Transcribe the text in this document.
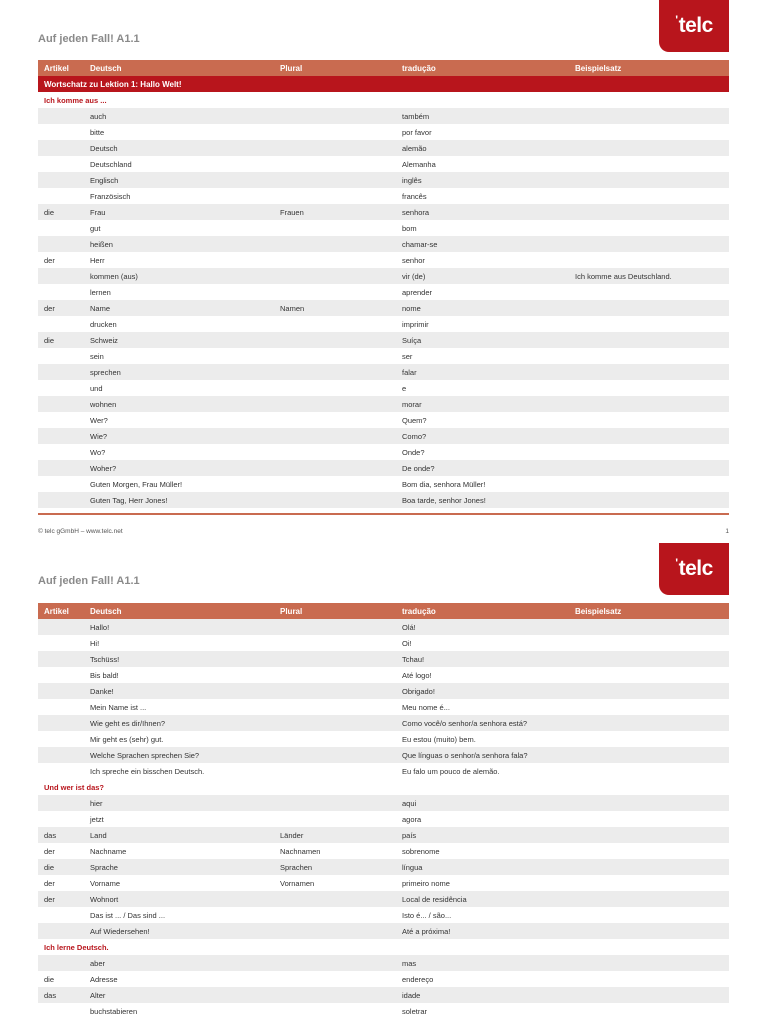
Auf jeden Fall! A1.1
' telc
Artikel	Deutsch	Plural	tradução	Beispielsatz
Wortschatz zu Lektion 1: Hallo Welt!				
Ich komme aus ...				
	auch		também	
	bitte		por favor	
	Deutsch		alemão	
	Deutschland		Alemanha	
	Englisch		inglês	
	Französisch		francês	
die	Frau	Frauen	senhora	
	gut		bom	
	heißen		chamar-se	
der	Herr		senhor	
	kommen (aus)		vir (de)	Ich komme aus Deutschland.
	lernen		aprender	
der	Name	Namen	nome	
	drucken		imprimir	
die	Schweiz		Suíça	
	sein		ser	
	sprechen		falar	
	und		e	
	wohnen		morar	
	Wer?		Quem?	
	Wie?		Como?	
	Wo?		Onde?	
	Woher?		De onde?	
	Guten Morgen, Frau Müller!		Bom dia, senhora Müller!	
	Guten Tag, Herr Jones!		Boa tarde, senhor Jones!	
© telc gGmbH – www.telc.net	1
Auf jeden Fall! A1.1
' telc
Artikel	Deutsch	Plural	tradução	Beispielsatz
	Hallo!		Olá!	
	Hi!		Oi!	
	Tschüss!		Tchau!	
	Bis bald!		Até logo!	
	Danke!		Obrigado!	
	Mein Name ist ...		Meu nome é...	
	Wie geht es dir/Ihnen?		Como você/o senhor/a senhora está?	
	Mir geht es (sehr) gut.		Eu estou (muito) bem.	
	Welche Sprachen sprechen Sie?		Que línguas o senhor/a senhora fala?	
	Ich spreche ein bisschen Deutsch.		Eu falo um pouco de alemão.	
Und wer ist das?				
	hier		aqui	
	jetzt		agora	
das	Land	Länder	país	
der	Nachname	Nachnamen	sobrenome	
die	Sprache	Sprachen	língua	
der	Vorname	Vornamen	primeiro nome	
der	Wohnort		Local de residência	
	Das ist ... / Das sind ...		Isto é... / são...	
	Auf Wiedersehen!		Até a próxima!	
Ich lerne Deutsch.				
	aber		mas	
die	Adresse		endereço	
das	Alter		idade	
	buchstabieren		soletrar	
